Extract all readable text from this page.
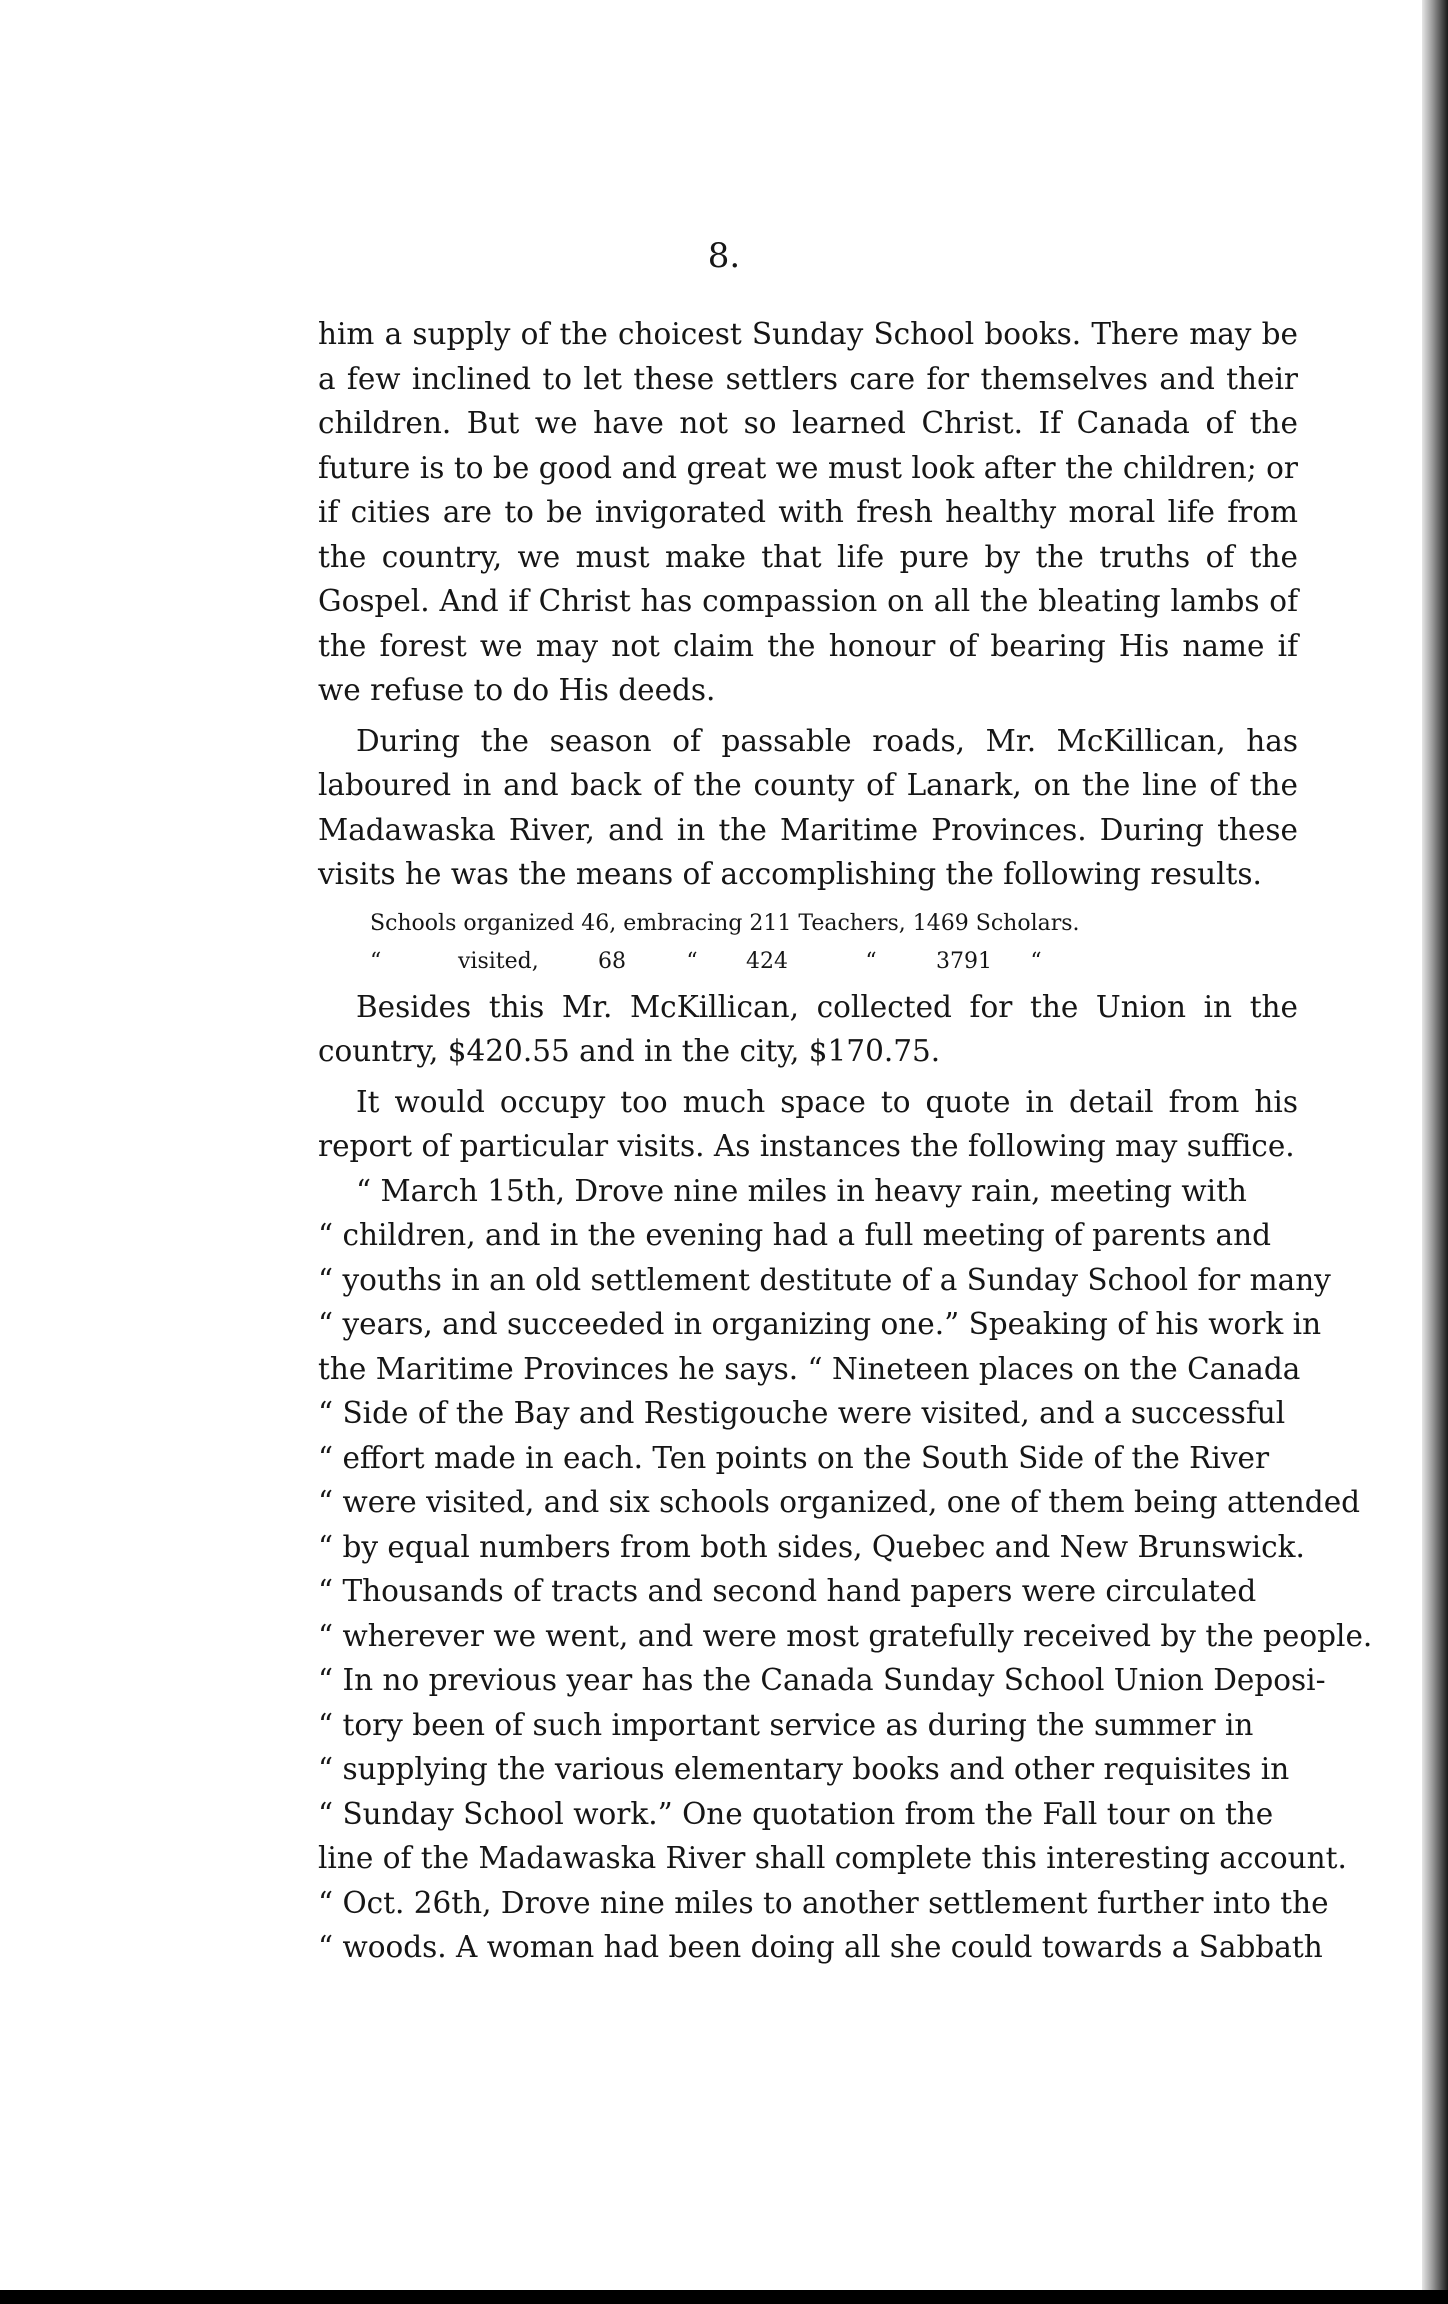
8.

him a supply of the choicest Sunday School books. There may be a few inclined to let these settlers care for themselves and their children. But we have not so learned Christ. If Canada of the future is to be good and great we must look after the children; or if cities are to be invigorated with fresh healthy moral life from the country, we must make that life pure by the truths of the Gospel. And if Christ has compassion on all the bleating lambs of the forest we may not claim the honour of bearing His name if we refuse to do His deeds.

During the season of passable roads, Mr. McKillican, has laboured in and back of the county of Lanark, on the line of the Madawaska River, and in the Maritime Provinces. During these visits he was the means of accomplishing the following results.

Schools organized 46, embracing 211 Teachers, 1469 Scholars.
“	visited,	68	“	424	“	3791	“

Besides this Mr. McKillican, collected for the Union in the country, $420.55 and in the city, $170.75.

It would occupy too much space to quote in detail from his report of particular visits. As instances the following may suffice.

“ March 15th, Drove nine miles in heavy rain, meeting with
“ children, and in the evening had a full meeting of parents and
“ youths in an old settlement destitute of a Sunday School for many
“ years, and succeeded in organizing one.” Speaking of his work in
the Maritime Provinces he says. “ Nineteen places on the Canada
“ Side of the Bay and Restigouche were visited, and a successful
“ effort made in each. Ten points on the South Side of the River
“ were visited, and six schools organized, one of them being attended
“ by equal numbers from both sides, Quebec and New Brunswick.
“ Thousands of tracts and second hand papers were circulated
“ wherever we went, and were most gratefully received by the people.
“ In no previous year has the Canada Sunday School Union Deposi-
“ tory been of such important service as during the summer in
“ supplying the various elementary books and other requisites in
“ Sunday School work.” One quotation from the Fall tour on the
line of the Madawaska River shall complete this interesting account.
“ Oct. 26th, Drove nine miles to another settlement further into the
“ woods. A woman had been doing all she could towards a Sabbath
